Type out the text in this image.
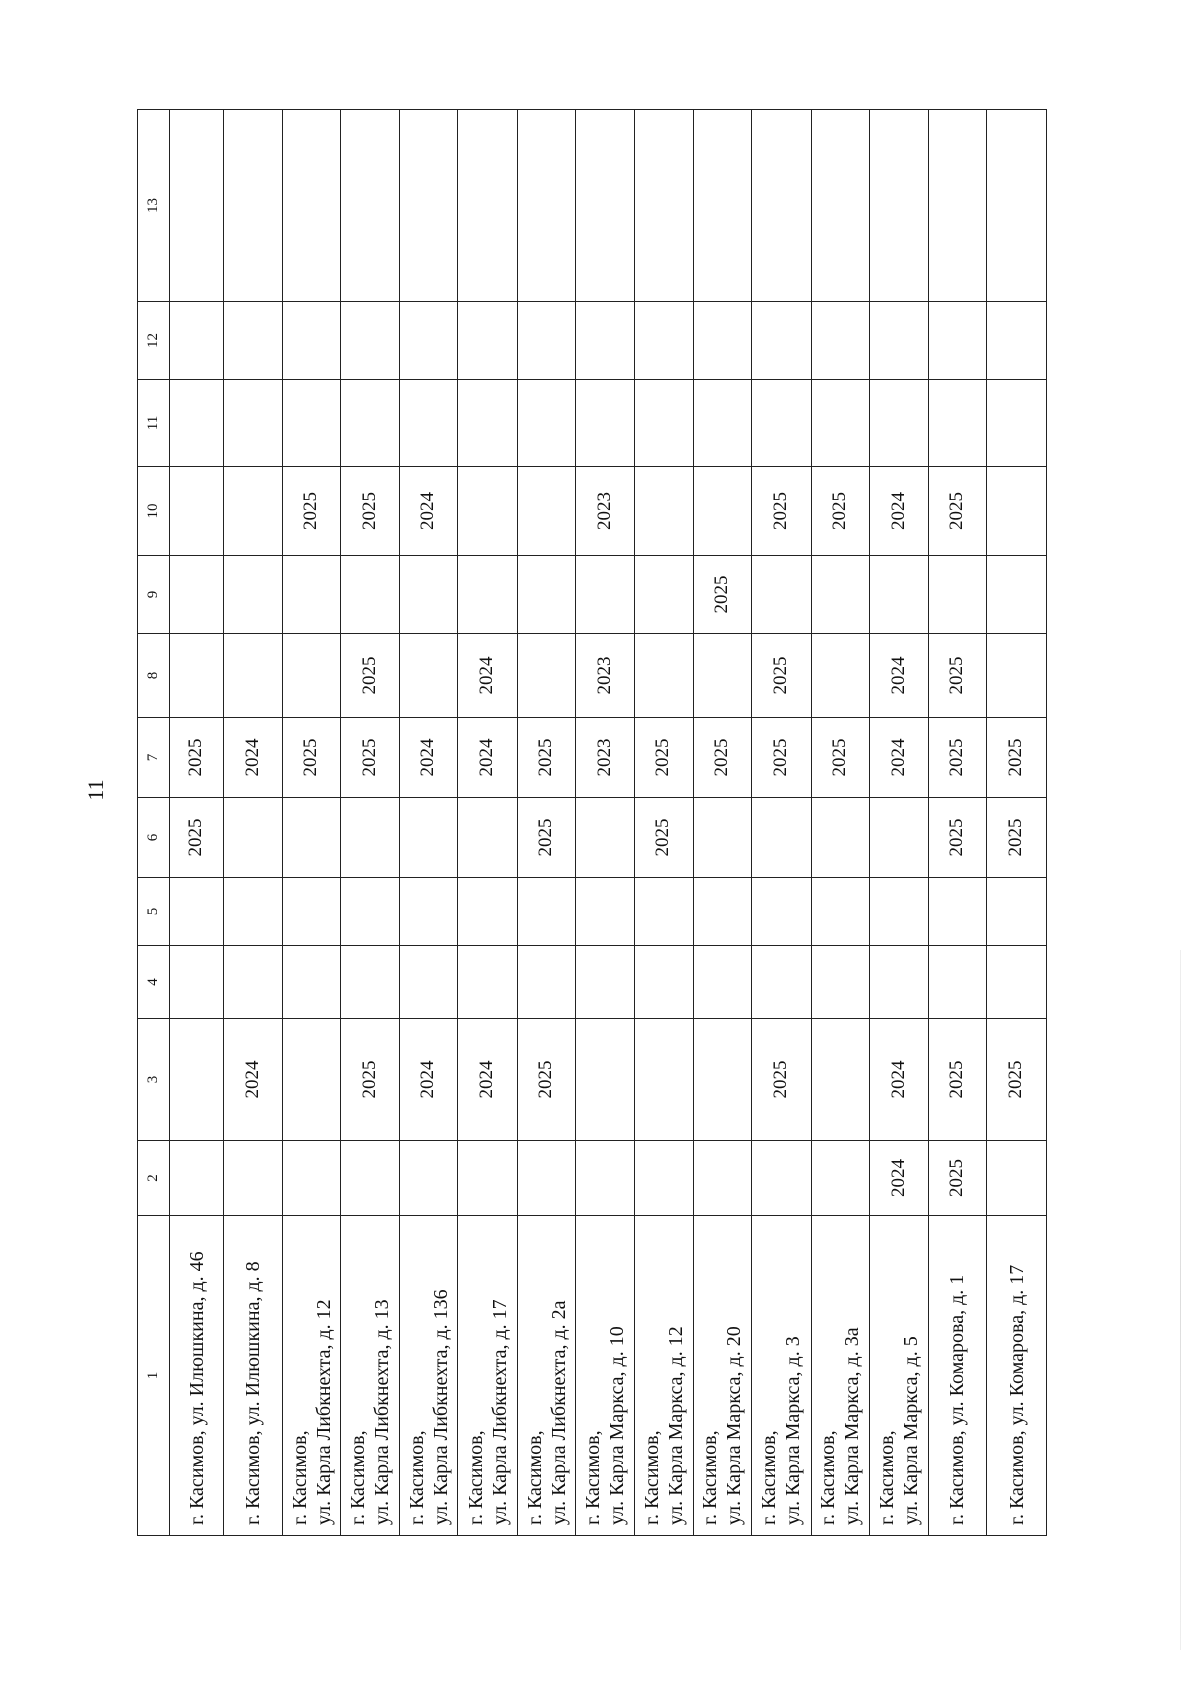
11
1	2	3	4	5	6	7	8	9	10	11	12	13

г. Касимов, ул. Илюшкина, д. 46					2025	2025						

г. Касимов, ул. Илюшкина, д. 8		2024				2024						

г. Касимов, ул. Карла Либкнехта, д. 12						2025			2025			

г. Касимов, ул. Карла Либкнехта, д. 13		2025				2025	2025		2025			

г. Касимов, ул. Карла Либкнехта, д. 136		2024				2024			2024			

г. Касимов, ул. Карла Либкнехта, д. 17		2024				2024	2024					

г. Касимов, ул. Карла Либкнехта, д. 2а		2025			2025	2025						

г. Касимов, ул. Карла Маркса, д. 10						2023	2023		2023			

г. Касимов, ул. Карла Маркса, д. 12					2025	2025						

г. Касимов, ул. Карла Маркса, д. 20						2025		2025				

г. Касимов, ул. Карла Маркса, д. 3		2025				2025	2025		2025			

г. Касимов, ул. Карла Маркса, д. 3а						2025			2025			

г. Касимов, ул. Карла Маркса, д. 5	2024	2024				2024	2024		2024			

г. Касимов, ул. Комарова, д. 1	2025	2025			2025	2025	2025		2025			

г. Касимов, ул. Комарова, д. 17		2025			2025	2025						
